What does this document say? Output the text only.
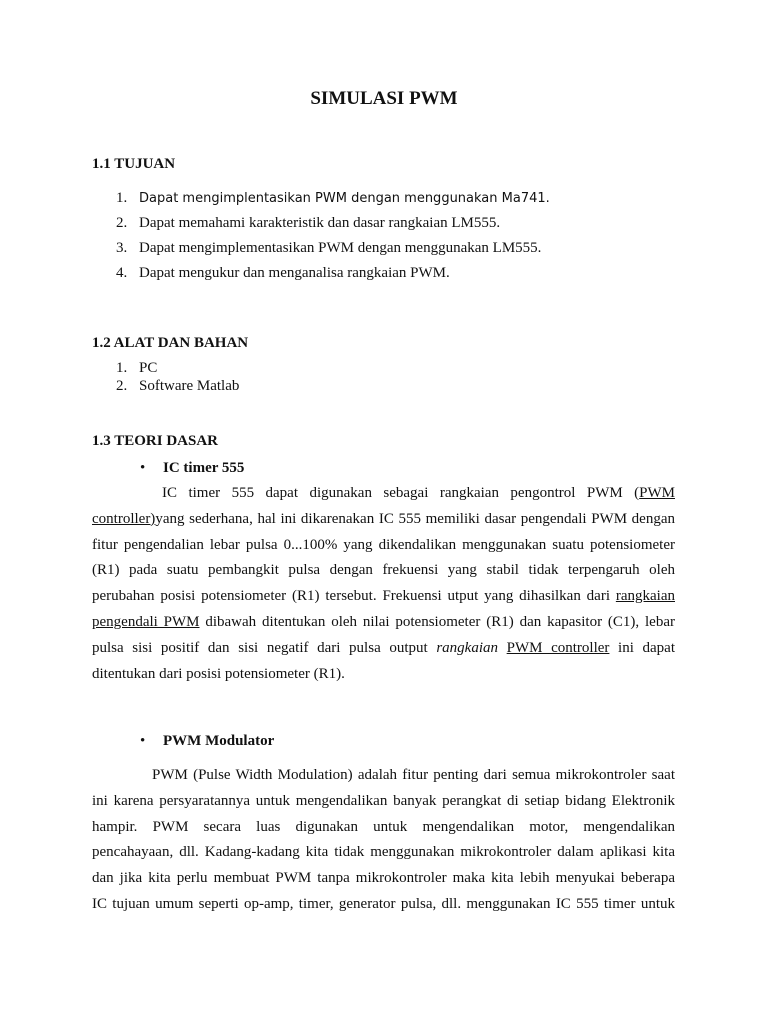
SIMULASI PWM
1.1 TUJUAN
1. Dapat mengimplentasikan PWM dengan menggunakan Ma741.
2. Dapat memahami karakteristik dan dasar rangkaian LM555.
3. Dapat mengimplementasikan PWM dengan menggunakan LM555.
4. Dapat mengukur dan menganalisa rangkaian PWM.
1.2 ALAT DAN BAHAN
1. PC
2. Software Matlab
1.3 TEORI DASAR
• IC timer 555
IC timer 555 dapat digunakan sebagai rangkaian pengontrol PWM (PWM
controller)yang sederhana, hal ini dikarenakan IC 555 memiliki dasar pengendali PWM dengan
fitur pengendalian lebar pulsa 0...100% yang dikendalikan menggunakan suatu potensiometer
(R1) pada suatu pembangkit pulsa dengan frekuensi yang stabil tidak terpengaruh oleh
perubahan posisi potensiometer (R1) tersebut. Frekuensi utput yang dihasilkan dari rangkaian
pengendali PWM dibawah ditentukan oleh nilai potensiometer (R1) dan kapasitor (C1), lebar
pulsa sisi positif dan sisi negatif dari pulsa output rangkaian PWM controller ini dapat
ditentukan dari posisi potensiometer (R1).
• PWM Modulator
PWM (Pulse Width Modulation) adalah fitur penting dari semua mikrokontroler saat
ini karena persyaratannya untuk mengendalikan banyak perangkat di setiap bidang Elektronik
hampir. PWM secara luas digunakan untuk mengendalikan motor, mengendalikan
pencahayaan, dll. Kadang-kadang kita tidak menggunakan mikrokontroler dalam aplikasi kita
dan jika kita perlu membuat PWM tanpa mikrokontroler maka kita lebih menyukai beberapa
IC tujuan umum seperti op-amp, timer, generator pulsa, dll. menggunakan IC 555 timer untuk
